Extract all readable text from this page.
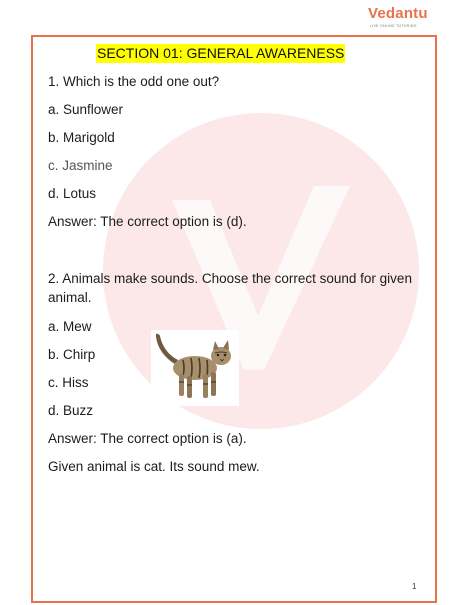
Vedantu
LIVE ONLINE TUTORING
SECTION 01: GENERAL AWARENESS
1. Which is the odd one out?
a. Sunflower
b. Marigold
c. Jasmine
d. Lotus
Answer: The correct option is (d).
2. Animals make sounds. Choose the correct sound for given animal.
a. Mew
b. Chirp
c. Hiss
d. Buzz
Answer: The correct option is (a).
Given animal is cat. Its sound mew.
1
